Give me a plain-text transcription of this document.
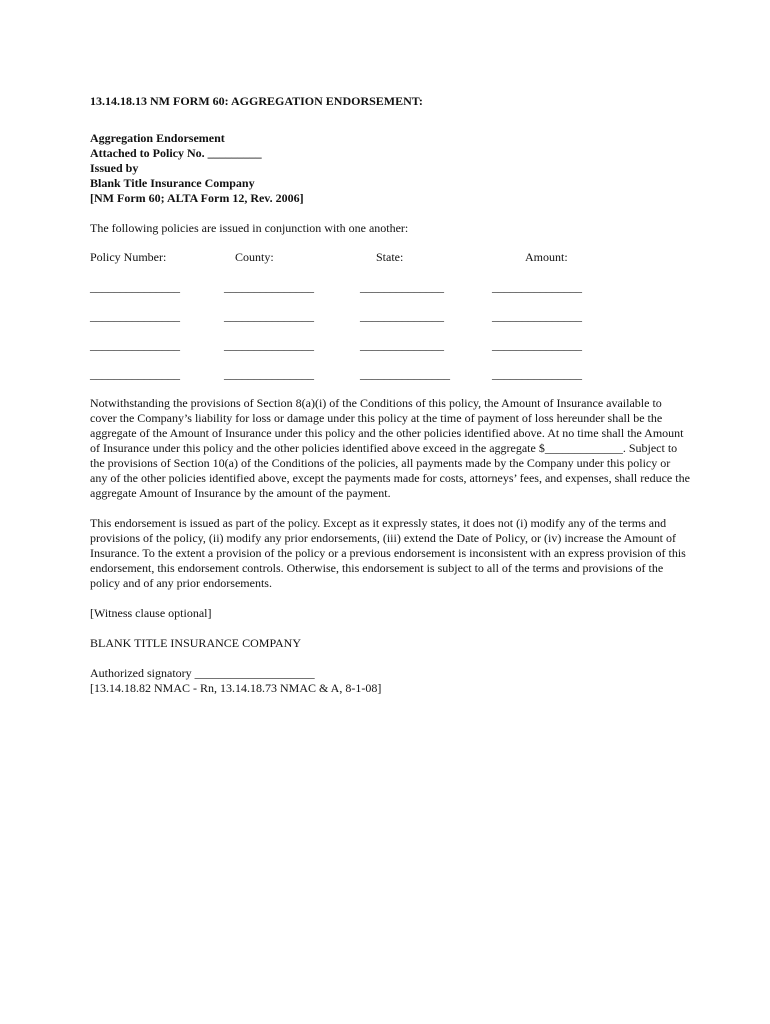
13.14.18.13 NM FORM 60: AGGREGATION ENDORSEMENT:
Aggregation Endorsement
Attached to Policy No. _________
Issued by
Blank Title Insurance Company
[NM Form 60; ALTA Form 12, Rev. 2006]

The following policies are issued in conjunction with one another:

Policy Number:	County:	State:	Amount:
_______________	_______________	______________	_______________
_______________	_______________	______________	_______________
_______________	_______________	______________	_______________
_______________	_______________	_______________	_______________

Notwithstanding the provisions of Section 8(a)(i) of the Conditions of this policy, the Amount of Insurance available to cover the Company’s liability for loss or damage under this policy at the time of payment of loss hereunder shall be the aggregate of the Amount of Insurance under this policy and the other policies identified above. At no time shall the Amount of Insurance under this policy and the other policies identified above exceed in the aggregate $_____________. Subject to the provisions of Section 10(a) of the Conditions of the policies, all payments made by the Company under this policy or any of the other policies identified above, except the payments made for costs, attorneys’ fees, and expenses, shall reduce the aggregate Amount of Insurance by the amount of the payment.

This endorsement is issued as part of the policy. Except as it expressly states, it does not (i) modify any of the terms and provisions of the policy, (ii) modify any prior endorsements, (iii) extend the Date of Policy, or (iv) increase the Amount of Insurance. To the extent a provision of the policy or a previous endorsement is inconsistent with an express provision of this endorsement, this endorsement controls. Otherwise, this endorsement is subject to all of the terms and provisions of the policy and of any prior endorsements.

[Witness clause optional]

BLANK TITLE INSURANCE COMPANY

Authorized signatory ____________________
[13.14.18.82 NMAC - Rn, 13.14.18.73 NMAC & A, 8-1-08]
